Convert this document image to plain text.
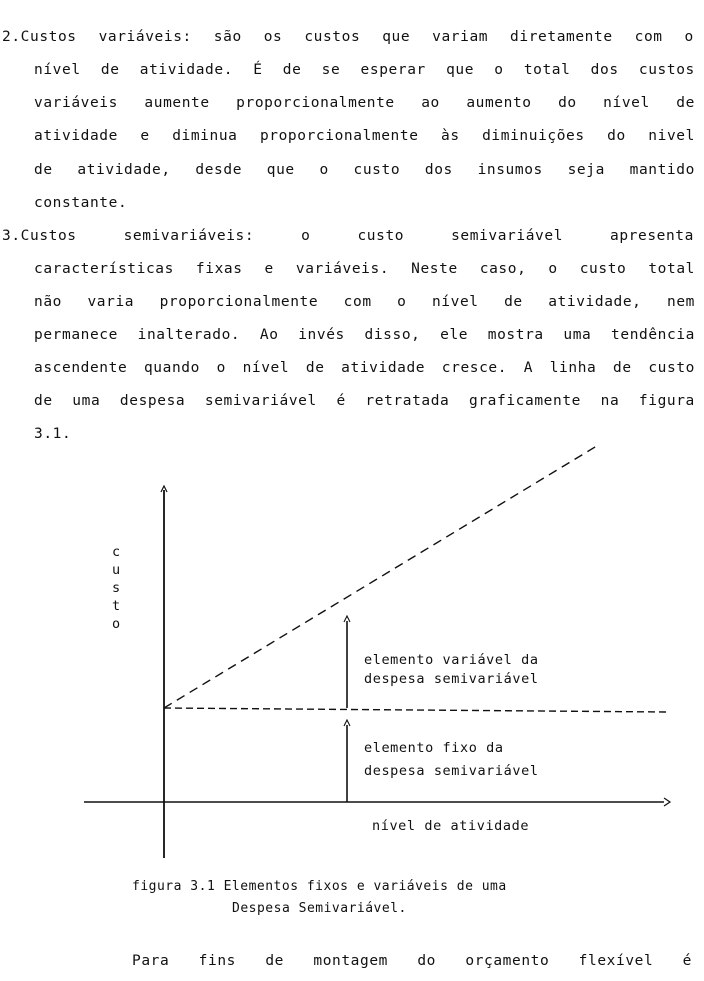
2.Custos variáveis: são os custos que variam diretamente com o
nível de atividade. É de se esperar que o total dos custos
variáveis aumente proporcionalmente ao aumento do nível de
atividade e diminua proporcionalmente às diminuições do nivel
de atividade, desde que o custo dos insumos seja mantido
constante.
3.Custos	semivariáveis:	o	custo	semivariável	apresenta
características fixas e variáveis. Neste caso, o custo total
não varia proporcionalmente com o nível de atividade, nem
permanece inalterado. Ao invés disso, ele mostra uma tendência
ascendente quando o nível de atividade cresce. A linha de custo
de uma despesa semivariável é retratada graficamente na figura
3.1.
c
u
s
t
o
elemento variável da
despesa semivariável
elemento fixo da
despesa semivariável
nível de atividade
figura 3.1 Elementos fixos e variáveis de uma
Despesa Semivariável.
Para fins de montagem do orçamento flexível é
